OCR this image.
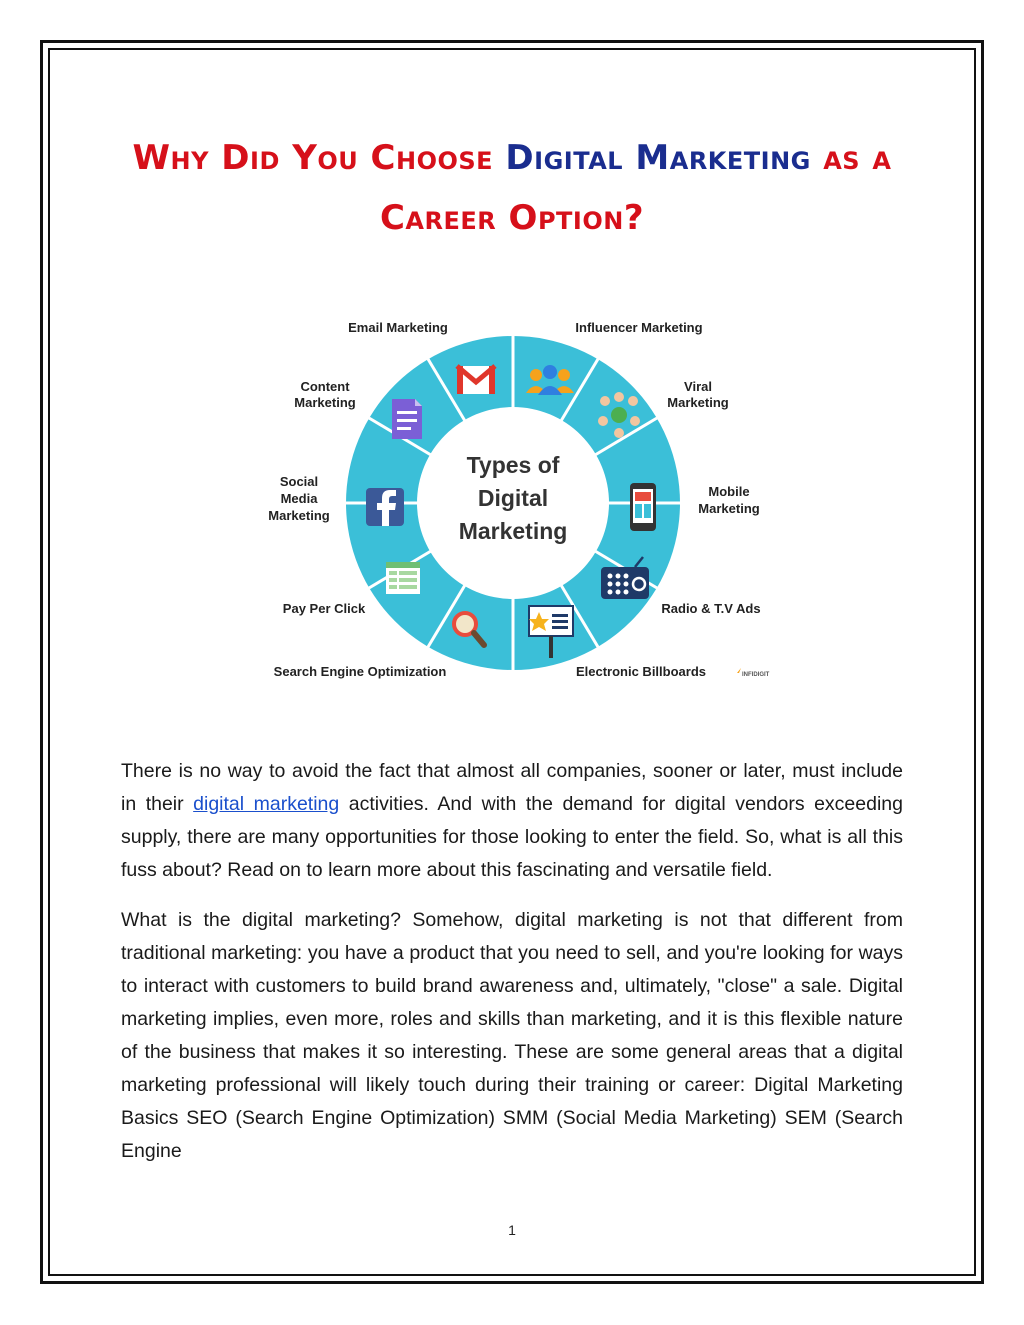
Why Did You Choose Digital Marketing as a Career Option?
Types of
Digital
Marketing
Email Marketing	Influencer Marketing
Content
Marketing
Viral
Marketing
Social
Media
Marketing
Mobile
Marketing
Pay Per Click	Radio & T.V Ads
Search Engine Optimization	Electronic Billboards	INFIDIGIT

There is no way to avoid the fact that almost all companies, sooner or later, must include in their digital marketing activities. And with the demand for digital vendors exceeding supply, there are many opportunities for those looking to enter the field. So, what is all this fuss about? Read on to learn more about this fascinating and versatile field.

What is the digital marketing? Somehow, digital marketing is not that different from traditional marketing: you have a product that you need to sell, and you're looking for ways to interact with customers to build brand awareness and, ultimately, "close" a sale. Digital marketing implies, even more, roles and skills than marketing, and it is this flexible nature of the business that makes it so interesting. These are some general areas that a digital marketing professional will likely touch during their training or career: Digital Marketing Basics SEO (Search Engine Optimization) SMM (Social Media Marketing) SEM (Search Engine

1
